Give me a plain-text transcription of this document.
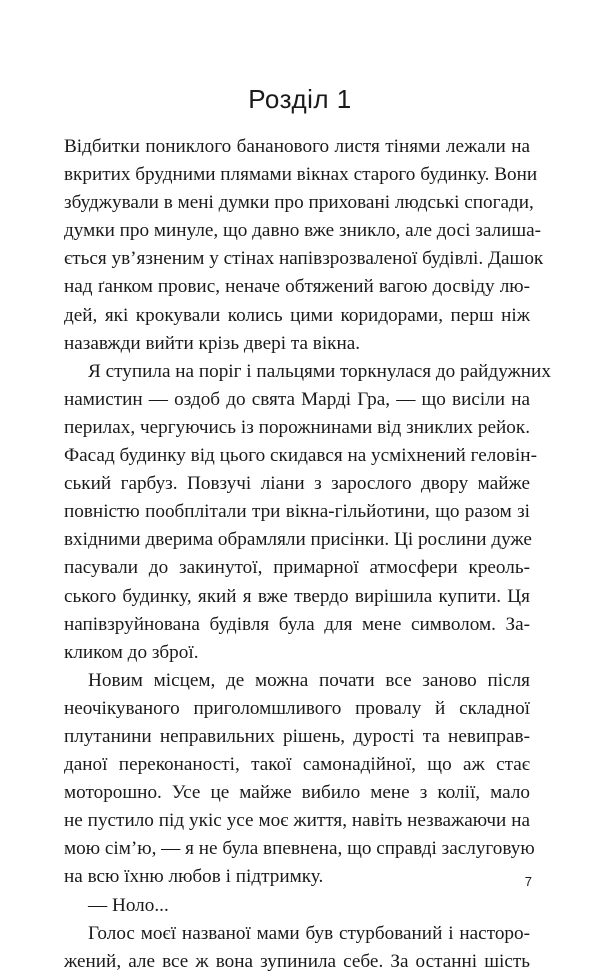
Розділ 1

Відбитки пониклого бананового листя тінями лежали на
вкритих брудними плямами вікнах старого будинку. Вони
збуджували в мені думки про приховані людські спогади,
думки про минуле, що давно вже зникло, але досі залиша-
ється ув’язненим у стінах напівзрозваленої будівлі. Дашок
над ґанком провис, неначе обтяжений вагою досвіду лю-
дей, які крокували колись цими коридорами, перш ніж
назавжди вийти крізь двері та вікна.

Я ступила на поріг і пальцями торкнулася до райдужних
намистин — оздоб до свята Марді Гра, — що висіли на
перилах, чергуючись із порожнинами від зниклих рейок.
Фасад будинку від цього скидався на усміхнений геловін-
ський гарбуз. Повзучі ліани з зарослого двору майже
повністю пообплітали три вікна-гільйотини, що разом зі
вхідними дверима обрамляли присінки. Ці рослини дуже
пасували до закинутої, примарної атмосфери креоль-
ського будинку, який я вже твердо вирішила купити. Ця
напівзруйнована будівля була для мене символом. За-
кликом до зброї.

Новим місцем, де можна почати все заново після
неочікуваного приголомшливого провалу й складної
плутанини неправильних рішень, дурості та невиправ-
даної переконаності, такої самонадійної, що аж стає
моторошно. Усе це майже вибило мене з колії, мало
не пустило під укіс усе моє життя, навіть незважаючи на
мою сім’ю, — я не була впевнена, що справді заслуговую
на всю їхню любов і підтримку.

— Ноло...

Голос моєї названої мами був стурбований і насторо-
жений, але все ж вона зупинила себе. За останні шість

7
